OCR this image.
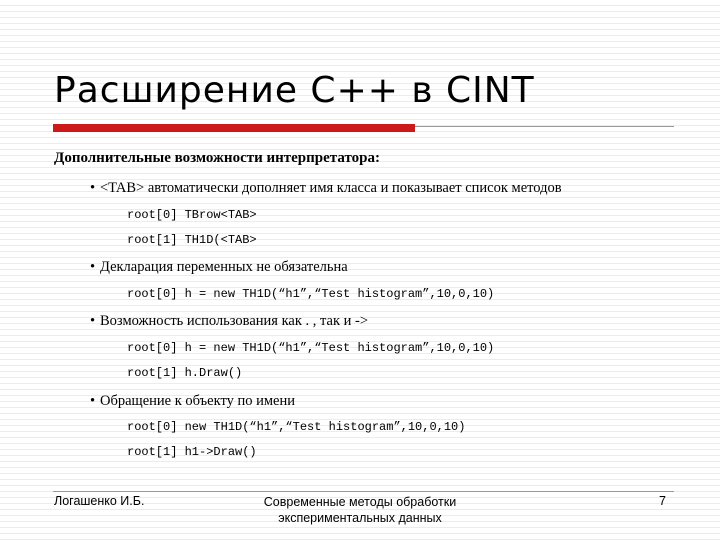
Расширение C++ в CINT
Дополнительные возможности интерпретатора:
• <TAB> автоматически дополняет имя класса и показывает список методов
root[0] TBrow<TAB>
root[1] TH1D(<TAB>
• Декларация переменных не обязательна
root[0] h = new TH1D(“h1”,“Test histogram”,10,0,10)
• Возможность использования как . , так и ->
root[0] h = new TH1D(“h1”,“Test histogram”,10,0,10)
root[1] h.Draw()
• Обращение к объекту по имени
root[0] new TH1D(“h1”,“Test histogram”,10,0,10)
root[1] h1->Draw()
Логашенко И.Б.	Современные методы обработки
экспериментальных данных
7
